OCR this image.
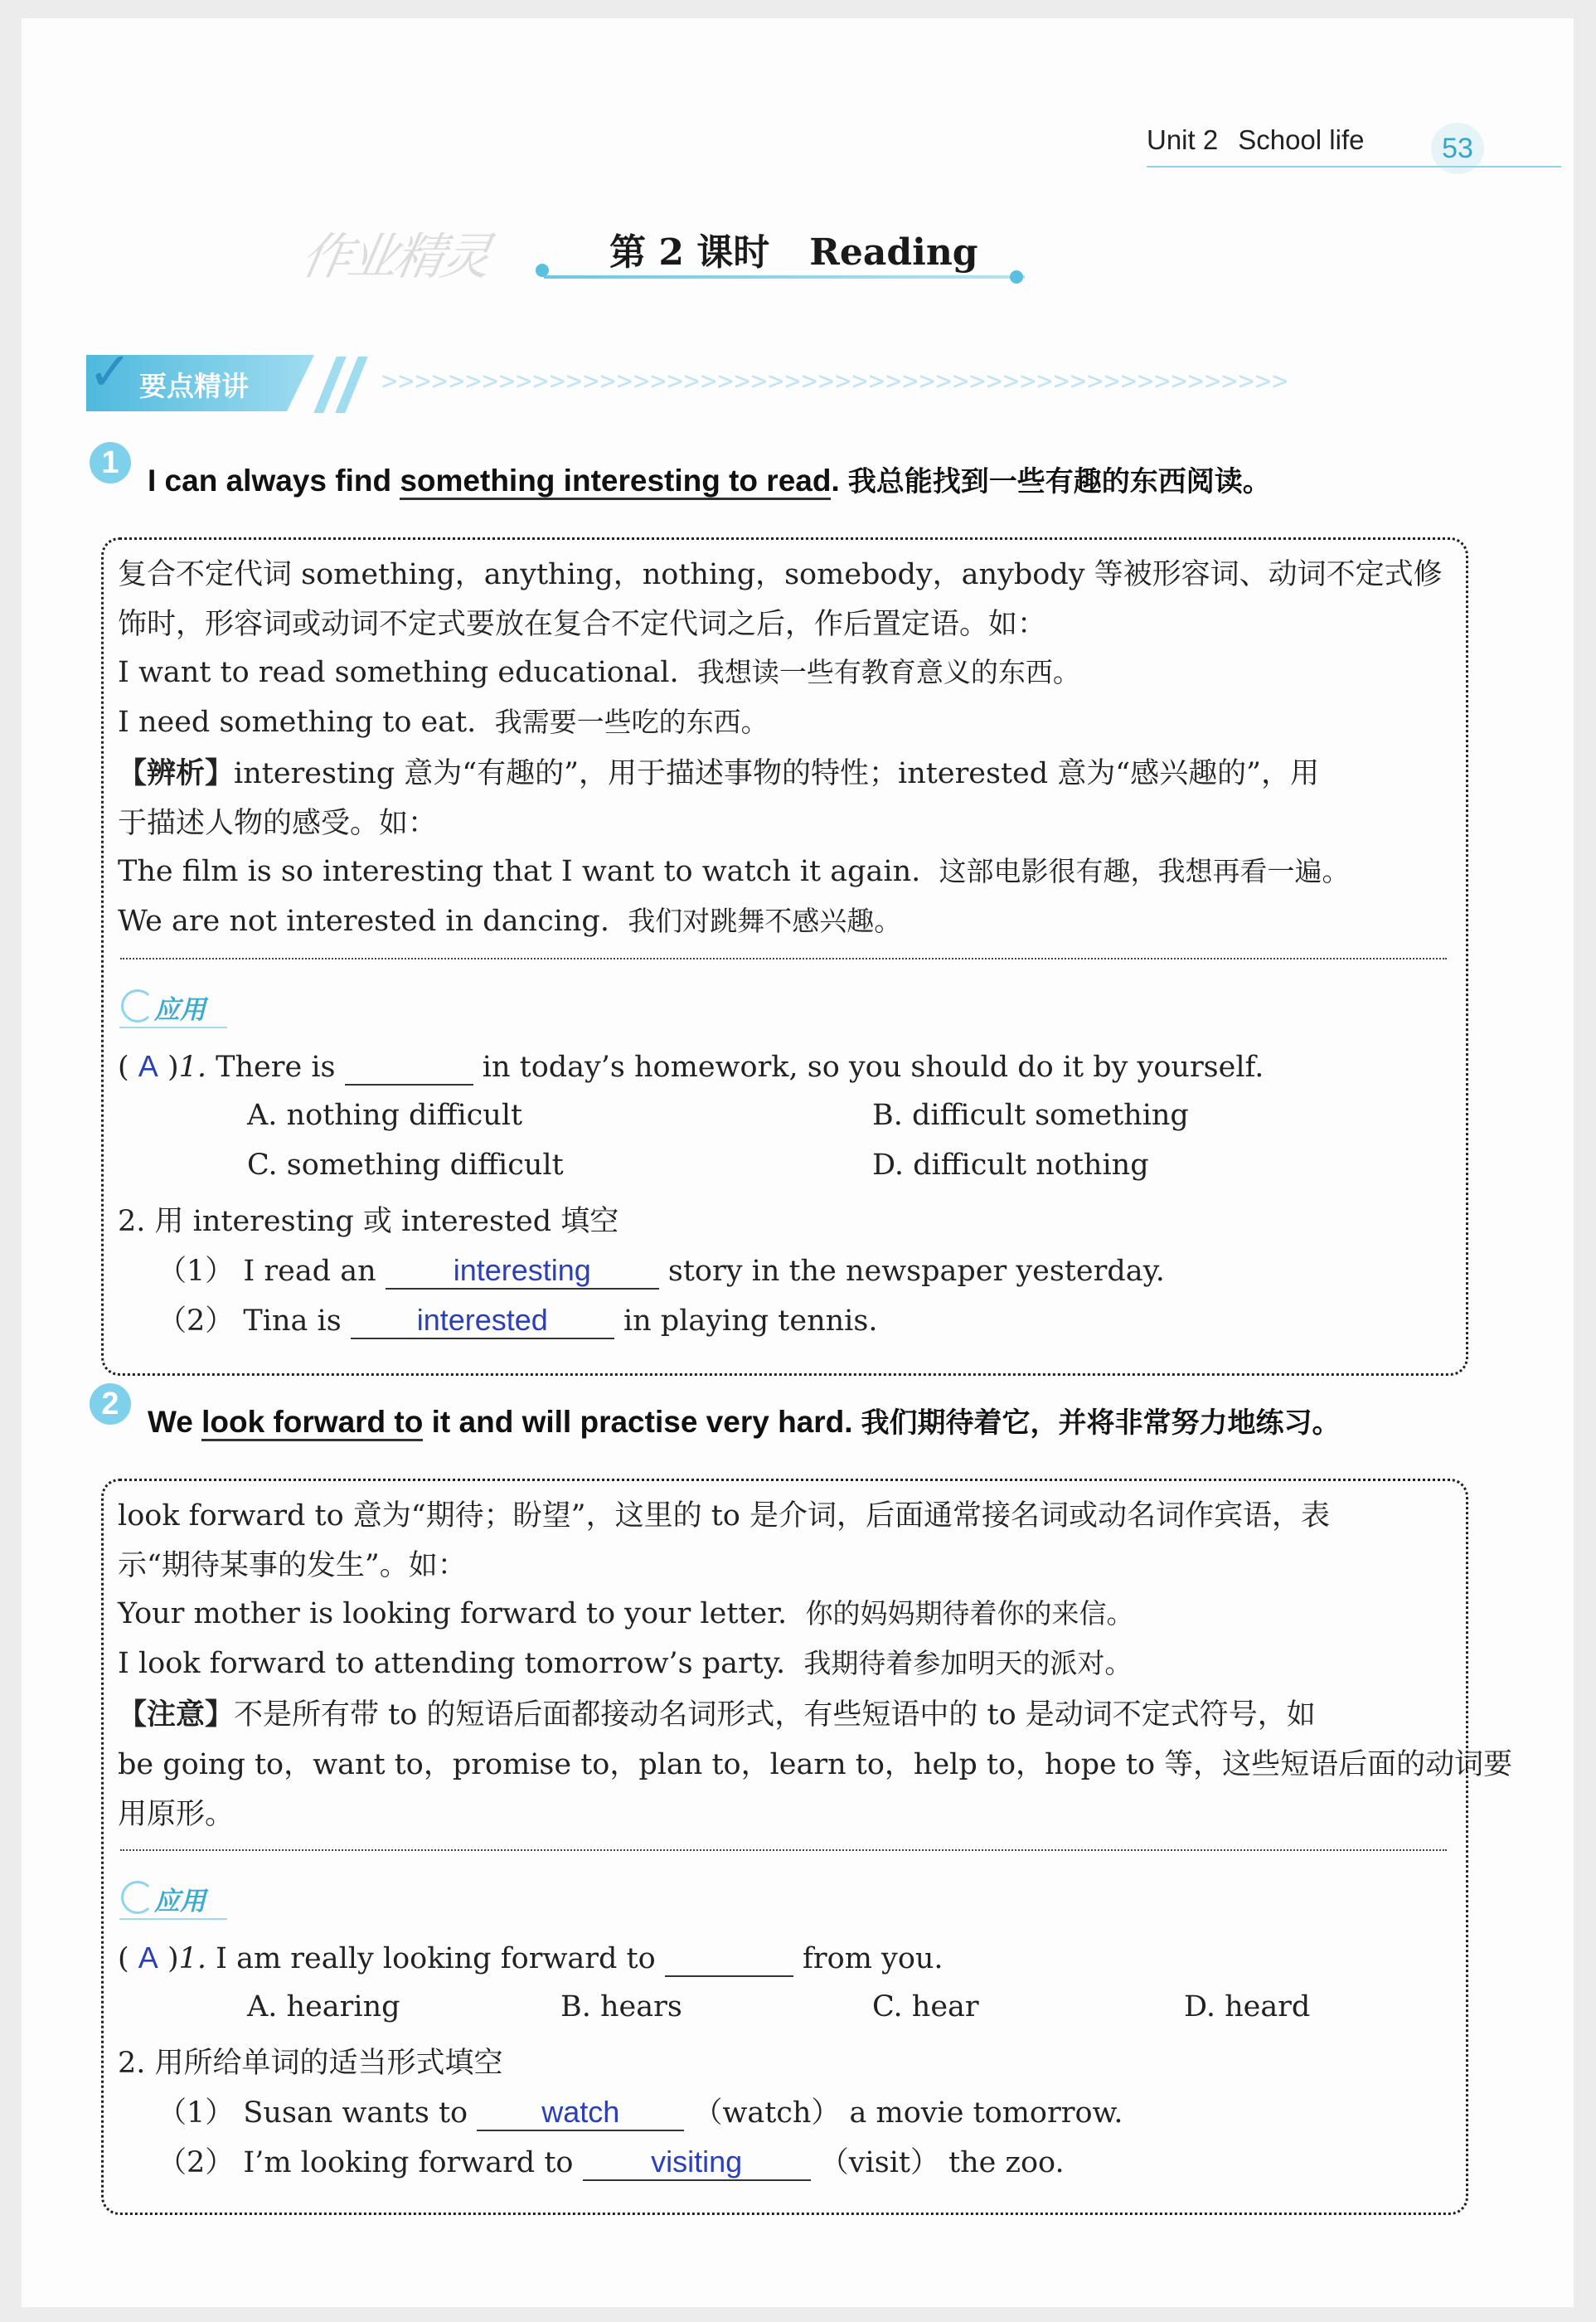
Unit 2 School life	53
作业精灵	第 2 课时 Reading
✓ 要点精讲	>>>>>>>>>>>>>>>>>>>>>>>>>>>>>>>>>>>>>>>>>>>>>>>>>>>>>>
1
I can always find something interesting to read. 我总能找到一些有趣的东西阅读。
复合不定代词 something，anything，nothing，somebody，anybody 等被形容词、动词不定式修
饰时，形容词或动词不定式要放在复合不定代词之后，作后置定语。如：
I want to read something educational. 我想读一些有教育意义的东西。
I need something to eat. 我需要一些吃的东西。
【辨析】interesting 意为“有趣的”，用于描述事物的特性；interested 意为“感兴趣的”，用
于描述人物的感受。如：
The film is so interesting that I want to watch it again. 这部电影很有趣，我想再看一遍。
We are not interested in dancing. 我们对跳舞不感兴趣。
应用
( A )1. There is	in today’s homework, so you should do it by yourself.
A. nothing difficult	B. difficult something
C. something difficult	D. difficult nothing
2. 用 interesting 或 interested 填空
（1） I read an	interesting	story in the newspaper yesterday.
（2） Tina is	interested	in playing tennis.
2
We look forward to it and will practise very hard. 我们期待着它，并将非常努力地练习。
look forward to 意为“期待；盼望”，这里的 to 是介词，后面通常接名词或动名词作宾语，表
示“期待某事的发生”。如：
Your mother is looking forward to your letter. 你的妈妈期待着你的来信。
I look forward to attending tomorrow’s party. 我期待着参加明天的派对。
【注意】不是所有带 to 的短语后面都接动名词形式，有些短语中的 to 是动词不定式符号，如
be going to，want to，promise to，plan to，learn to，help to，hope to 等，这些短语后面的动词要
用原形。
应用
( A )1. I am really looking forward to	from you.
A. hearing	B. hears	C. hear	D. heard
2. 用所给单词的适当形式填空
（1） Susan wants to watch	（watch） a movie tomorrow.
（2） I’m looking forward to	visiting	（visit） the zoo.
